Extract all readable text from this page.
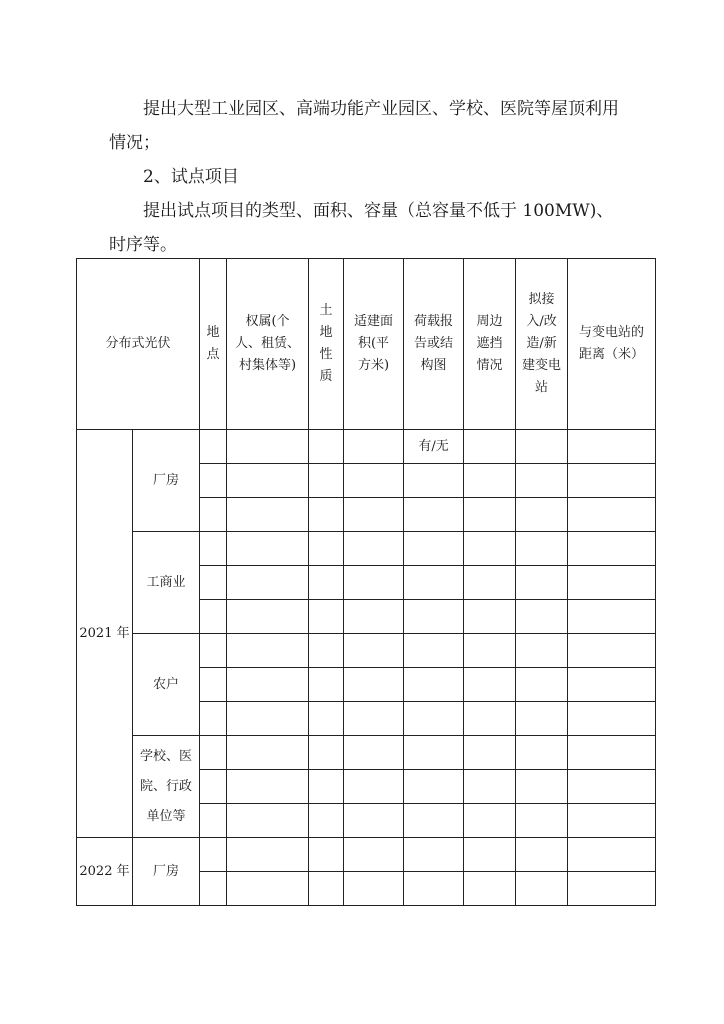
提出大型工业园区、高端功能产业园区、学校、医院等屋顶利用情况；

2、试点项目

提出试点项目的类型、面积、容量（总容量不低于 100MW)、时序等。

分布式光伏		地点	权属(个人、租赁、村集体等)	土地性质	适建面积(平方米)	荷载报告或结构图	周边遮挡情况	拟接入/改造/新建变电站	与变电站的距离（米）
2021 年	厂房					有/无			

	工商业								

	农户								

	学校、医院、行政单位等								

2022 年	厂房								
